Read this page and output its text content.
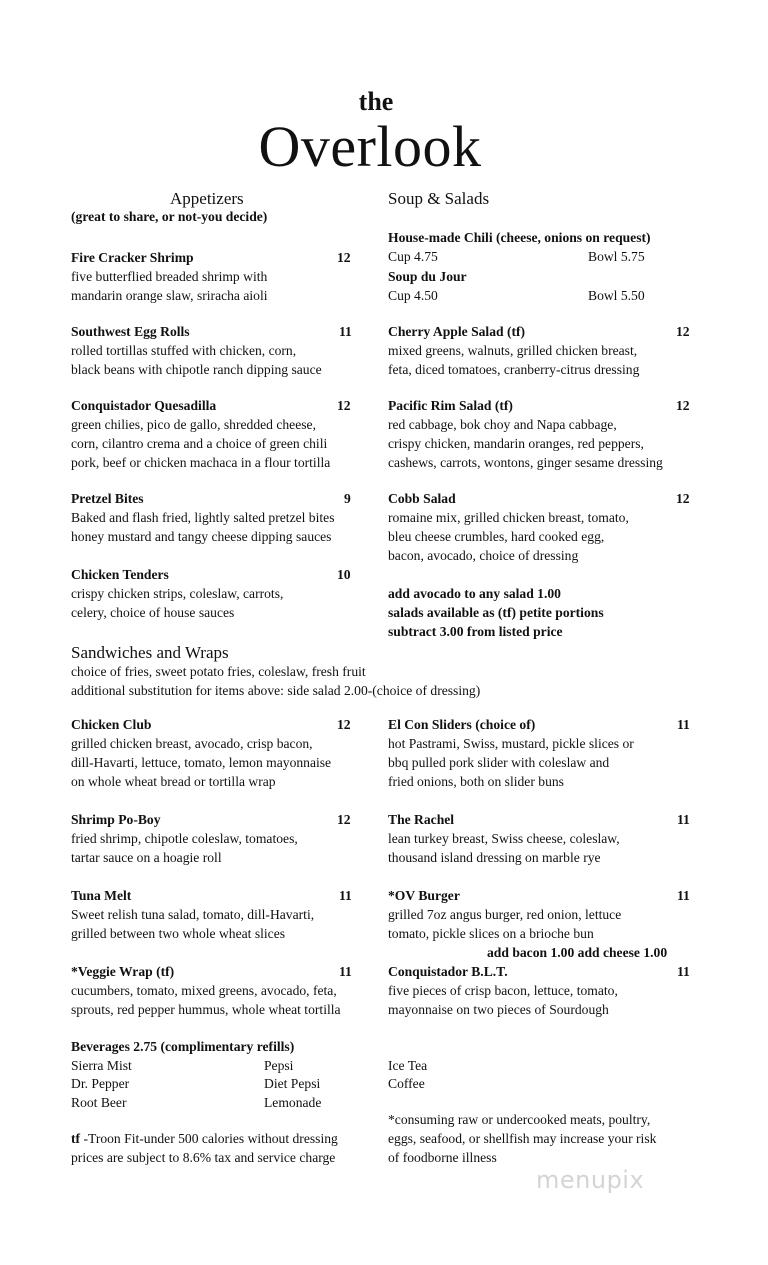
the
Overlook
Appetizers
(great to share, or not-you decide)
Fire Cracker Shrimp	12
five butterflied breaded shrimp with
mandarin orange slaw, sriracha aioli
Southwest Egg Rolls	11
rolled tortillas stuffed with chicken, corn,
black beans with chipotle ranch dipping sauce
Conquistador Quesadilla	12
green chilies, pico de gallo, shredded cheese,
corn, cilantro crema and a choice of green chili
pork, beef or chicken machaca in a flour tortilla
Pretzel Bites	9
Baked and flash fried, lightly salted pretzel bites
honey mustard and tangy cheese dipping sauces
Chicken Tenders	10
crispy chicken strips, coleslaw, carrots,
celery, choice of house sauces
Soup & Salads
House-made Chili (cheese, onions on request)
Cup 4.75	Bowl 5.75
Soup du Jour
Cup 4.50	Bowl 5.50
Cherry Apple Salad (tf)	12
mixed greens, walnuts, grilled chicken breast,
feta, diced tomatoes, cranberry-citrus dressing
Pacific Rim Salad (tf)	12
red cabbage, bok choy and Napa cabbage,
crispy chicken, mandarin oranges, red peppers,
cashews, carrots, wontons, ginger sesame dressing
Cobb Salad	12
romaine mix, grilled chicken breast, tomato,
bleu cheese crumbles, hard cooked egg,
bacon, avocado, choice of dressing
add avocado to any salad 1.00
salads available as (tf) petite portions
subtract 3.00 from listed price
Sandwiches and Wraps
choice of fries, sweet potato fries, coleslaw, fresh fruit
additional substitution for items above: side salad 2.00-(choice of dressing)
Chicken Club	12
grilled chicken breast, avocado, crisp bacon,
dill-Havarti, lettuce, tomato, lemon mayonnaise
on whole wheat bread or tortilla wrap
Shrimp Po-Boy	12
fried shrimp, chipotle coleslaw, tomatoes,
tartar sauce on a hoagie roll
Tuna Melt	11
Sweet relish tuna salad, tomato, dill-Havarti,
grilled between two whole wheat slices
*Veggie Wrap (tf)	11
cucumbers, tomato, mixed greens, avocado, feta,
sprouts, red pepper hummus, whole wheat tortilla
El Con Sliders (choice of)	11
hot Pastrami, Swiss, mustard, pickle slices or
bbq pulled pork slider with coleslaw and
fried onions, both on slider buns
The Rachel	11
lean turkey breast, Swiss cheese, coleslaw,
thousand island dressing on marble rye
*OV Burger	11
grilled 7oz angus burger, red onion, lettuce
tomato, pickle slices on a brioche bun
add bacon 1.00 add cheese 1.00
Conquistador B.L.T.	11
five pieces of crisp bacon, lettuce, tomato,
mayonnaise on two pieces of Sourdough
Beverages 2.75 (complimentary refills)
Sierra Mist
Dr. Pepper
Root Beer
Pepsi
Diet Pepsi
Lemonade
Ice Tea
Coffee
tf -Troon Fit-under 500 calories without dressing
prices are subject to 8.6% tax and service charge
*consuming raw or undercooked meats, poultry,
eggs, seafood, or shellfish may increase your risk
of foodborne illness
menupix
